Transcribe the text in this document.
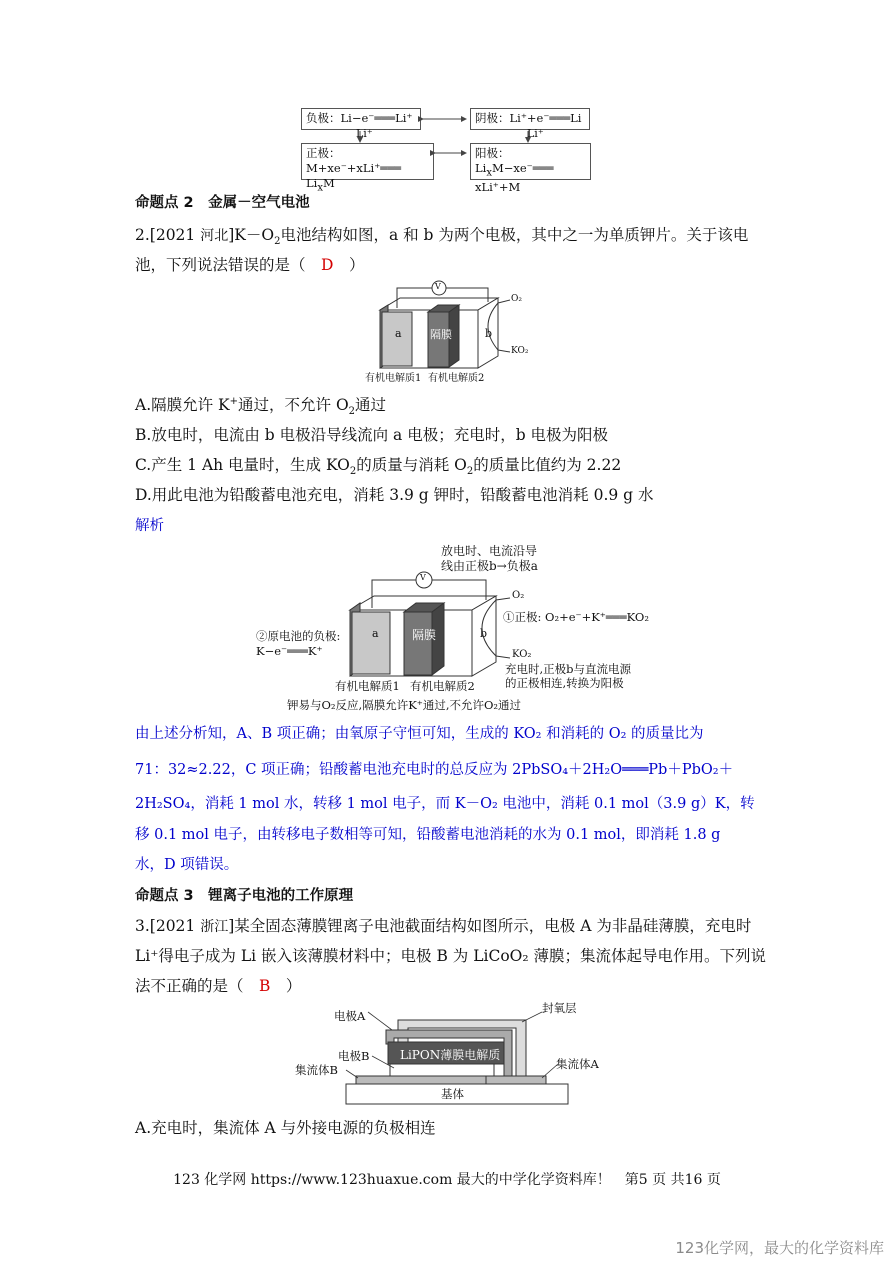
负极：Li−e⁻═══Li⁺	阴极：Li⁺+e⁻═══Li
正极：M+xe⁻+xLi⁺═══
$Li_xM$
阳极：$Li_xM-xe^-═══$
xLi⁺+M
Li⁺	Li⁺
命题点 2　金属－空气电池
2.[2021 河北]$K-O_2$电池结构如图，a 和 b 为两个电极，其中之一为单质钾片。关于该电
池，下列说法错误的是（　D　）
a	隔膜	b
V
O₂
KO₂
有机电解质1 有机电解质2
A.隔膜允许 K+通过，不允许 $O_2$通过
B.放电时，电流由 b 电极沿导线流向 a 电极；充电时，b 电极为阳极
C.产生 1 Ah 电量时，生成 $KO_2$的质量与消耗 $O_2$的质量比值约为 2.22
D.用此电池为铅酸蓄电池充电，消耗 3.9 g 钾时，铅酸蓄电池消耗 0.9 g 水
解析
放电时、电流沿导
线由正极b→负极a
V
a	隔膜	b
O₂
①正极: O₂+e⁻+K⁺═══KO₂
②原电池的负极:
K−e⁻═══K⁺	KO₂
充电时,正极b与直流电源
的正极相连,转换为阳极
有机电解质1 有机电解质2
钾易与O₂反应,隔膜允许K⁺通过,不允许O₂通过
由上述分析知，A、B 项正确；由氧原子守恒可知，生成的 KO₂ 和消耗的 O₂ 的质量比为
71：32≈2.22，C 项正确；铅酸蓄电池充电时的总反应为 2PbSO₄＋2H₂O═══Pb＋PbO₂＋
2H₂SO₄，消耗 1 mol 水，转移 1 mol 电子，而 K－O₂ 电池中，消耗 0.1 mol（3.9 g）K，转
移 0.1 mol 电子，由转移电子数相等可知，铅酸蓄电池消耗的水为 0.1 mol，即消耗 1.8 g
水，D 项错误。
命题点 3　锂离子电池的工作原理
3.[2021 浙江]某全固态薄膜锂离子电池截面结构如图所示，电极 A 为非晶硅薄膜，充电时
Li⁺得电子成为 Li 嵌入该薄膜材料中；电极 B 为 LiCoO₂ 薄膜；集流体起导电作用。下列说
法不正确的是（　B　）
电极A
封氧层
电极B	LiPON薄膜电解质
集流体B	集流体A
基体
A.充电时，集流体 A 与外接电源的负极相连
123 化学网 https://www.123huaxue.com 最大的中学化学资料库！　第5 页 共16 页
123化学网，最大的化学资料库
